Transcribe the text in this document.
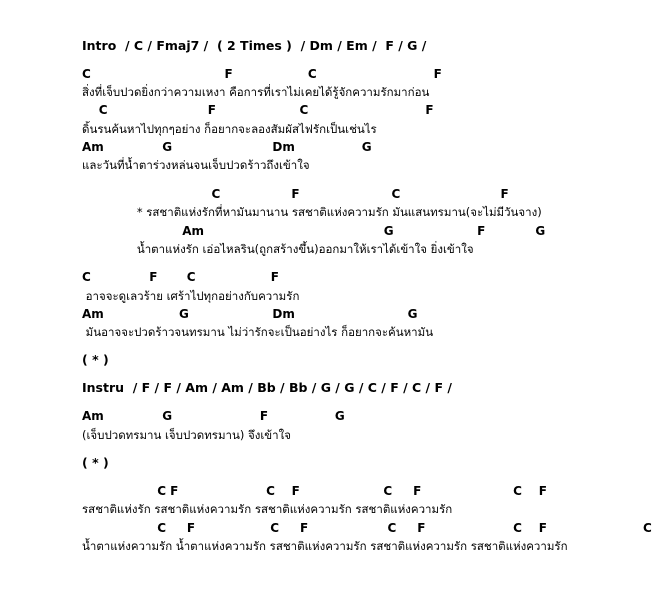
Intro  / C / Fmaj7 /  ( 2 Times )  / Dm / Em /  F / G /
C                                F                  C                            F
สิ่งที่เจ็บปวดยิ่งกว่าความเหงา คือการที่เราไม่เคยได้รู้จักความรักมาก่อน
C                        F                    C                            F
ดิ้นรนค้นหาไปทุกๆอย่าง ก็อยากจะลองสัมผัสไฟรักเป็นเช่นไร
Am              G                        Dm                G
และวันที่น้ำตาร่วงหล่นจนเจ็บปวดร้าวถึงเข้าใจ
C                 F                      C                        F
* รสชาติแห่งรักที่หามันมานาน รสชาติแห่งความรัก มันแสนทรมาน(จะไม่มีวันจาง)
Am                                           G                    F            G
น้ำตาแห่งรัก เอ่อไหลริน(ถูกสร้างขึ้น)ออกมาให้เราได้เข้าใจ ยิ่งเข้าใจ
C              F       C                  F
อาจจะดูเลวร้าย เศร้าไปทุกอย่างกับความรัก
Am                  G                    Dm                           G
มันอาจจะปวดร้าวจนทรมาน ไม่ว่ารักจะเป็นอย่างไร ก็อยากจะค้นหามัน
( * )
Instru  / F / F / Am / Am / Bb / Bb / G / G / C / F / C / F /
Am              G                     F                G
(เจ็บปวดทรมาน เจ็บปวดทรมาน) จึงเข้าใจ
( * )
C F                     C    F                    C     F                      C    F
รสชาติแห่งรัก รสชาติแห่งความรัก รสชาติแห่งความรัก รสชาติแห่งความรัก
C     F                  C     F                   C     F                     C    F                       C
น้ำตาแห่งความรัก น้ำตาแห่งความรัก รสชาติแห่งความรัก รสชาติแห่งความรัก รสชาติแห่งความรัก
